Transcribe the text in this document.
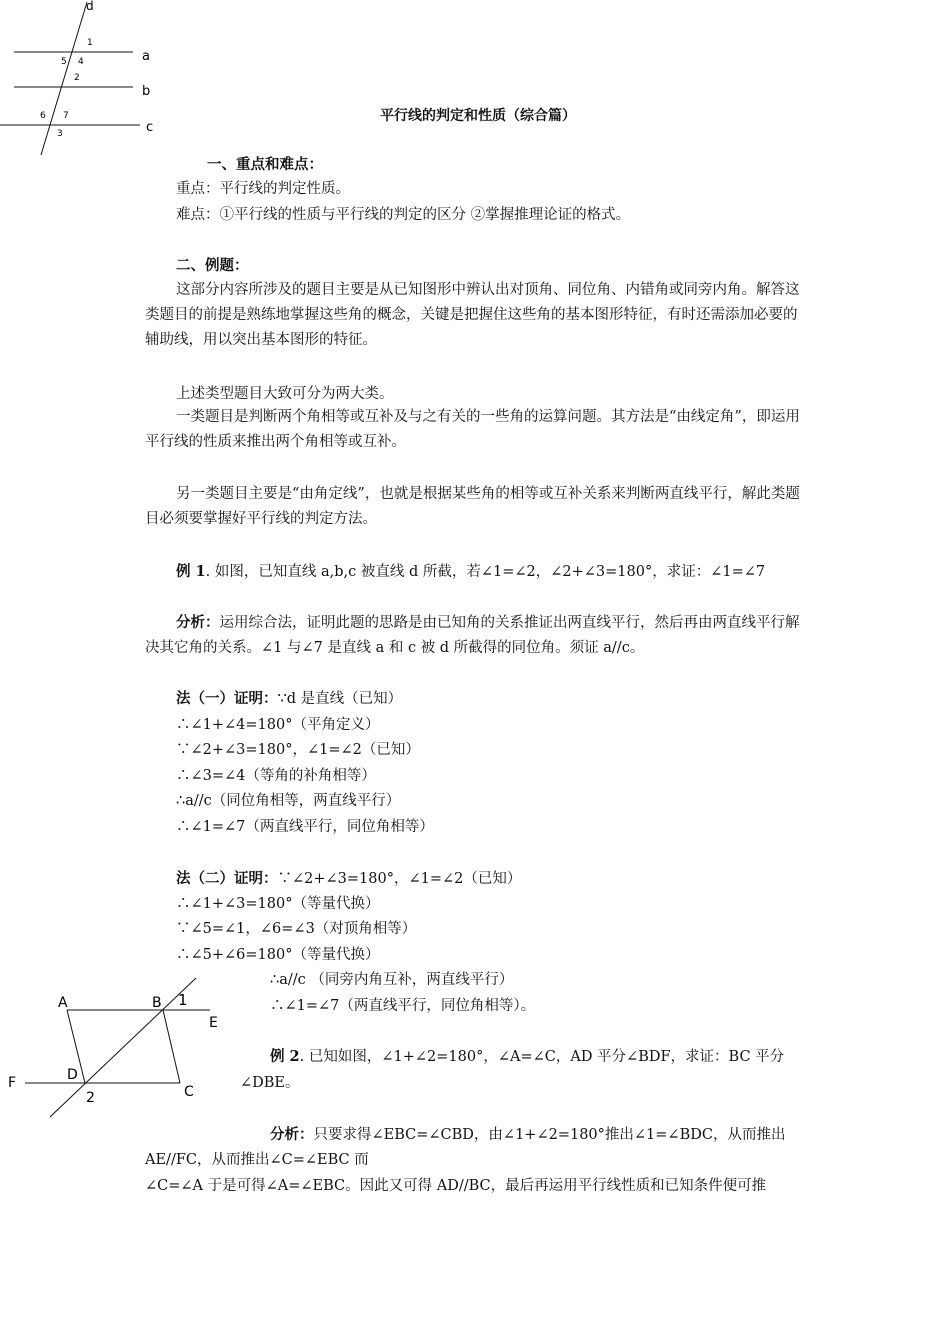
d
a
b
c
1
5 4
2
6 7
3
平行线的判定和性质（综合篇）
一、重点和难点：
重点：平行线的判定性质。
难点：①平行线的性质与平行线的判定的区分 ②掌握推理论证的格式。
二、例题：
这部分内容所涉及的题目主要是从已知图形中辨认出对顶角、同位角、内错角或同旁内角。解答这类题目的前提是熟练地掌握这些角的概念，关键是把握住这些角的基本图形特征，有时还需添加必要的辅助线，用以突出基本图形的特征。
上述类型题目大致可分为两大类。
一类题目是判断两个角相等或互补及与之有关的一些角的运算问题。其方法是“由线定角”，即运用平行线的性质来推出两个角相等或互补。
另一类题目主要是“由角定线”，也就是根据某些角的相等或互补关系来判断两直线平行，解此类题目必须要掌握好平行线的判定方法。
例 1. 如图，已知直线 a,b,c 被直线 d 所截，若∠1=∠2，∠2+∠3=180°，求证：∠1=∠7
分析：运用综合法，证明此题的思路是由已知角的关系推证出两直线平行，然后再由两直线平行解决其它角的关系。∠1 与∠7 是直线 a 和 c 被 d 所截得的同位角。须证 a//c。
法（一）证明：∵d 是直线（已知）
∴∠1+∠4=180°（平角定义）
∵∠2+∠3=180°，∠1=∠2（已知）
∴∠3=∠4（等角的补角相等）
∴a//c（同位角相等，两直线平行）
∴∠1=∠7（两直线平行，同位角相等）
法（二）证明：∵∠2+∠3=180°，∠1=∠2（已知）
∴∠1+∠3=180°（等量代换）
∵∠5=∠1，∠6=∠3（对顶角相等）
∴∠5+∠6=180°（等量代换）
∴a//c （同旁内角互补，两直线平行）
∴∠1=∠7（两直线平行，同位角相等）。
A	B 1
E
F	D
2	C
例 2. 已知如图，∠1+∠2=180°，∠A=∠C，AD 平分∠BDF，求证：BC 平分
∠DBE。
分析：只要求得∠EBC=∠CBD，由∠1+∠2=180°推出∠1=∠BDC，从而推出
AE//FC，从而推出∠C=∠EBC 而
∠C=∠A 于是可得∠A=∠EBC。因此又可得 AD//BC，最后再运用平行线性质和已知条件便可推
